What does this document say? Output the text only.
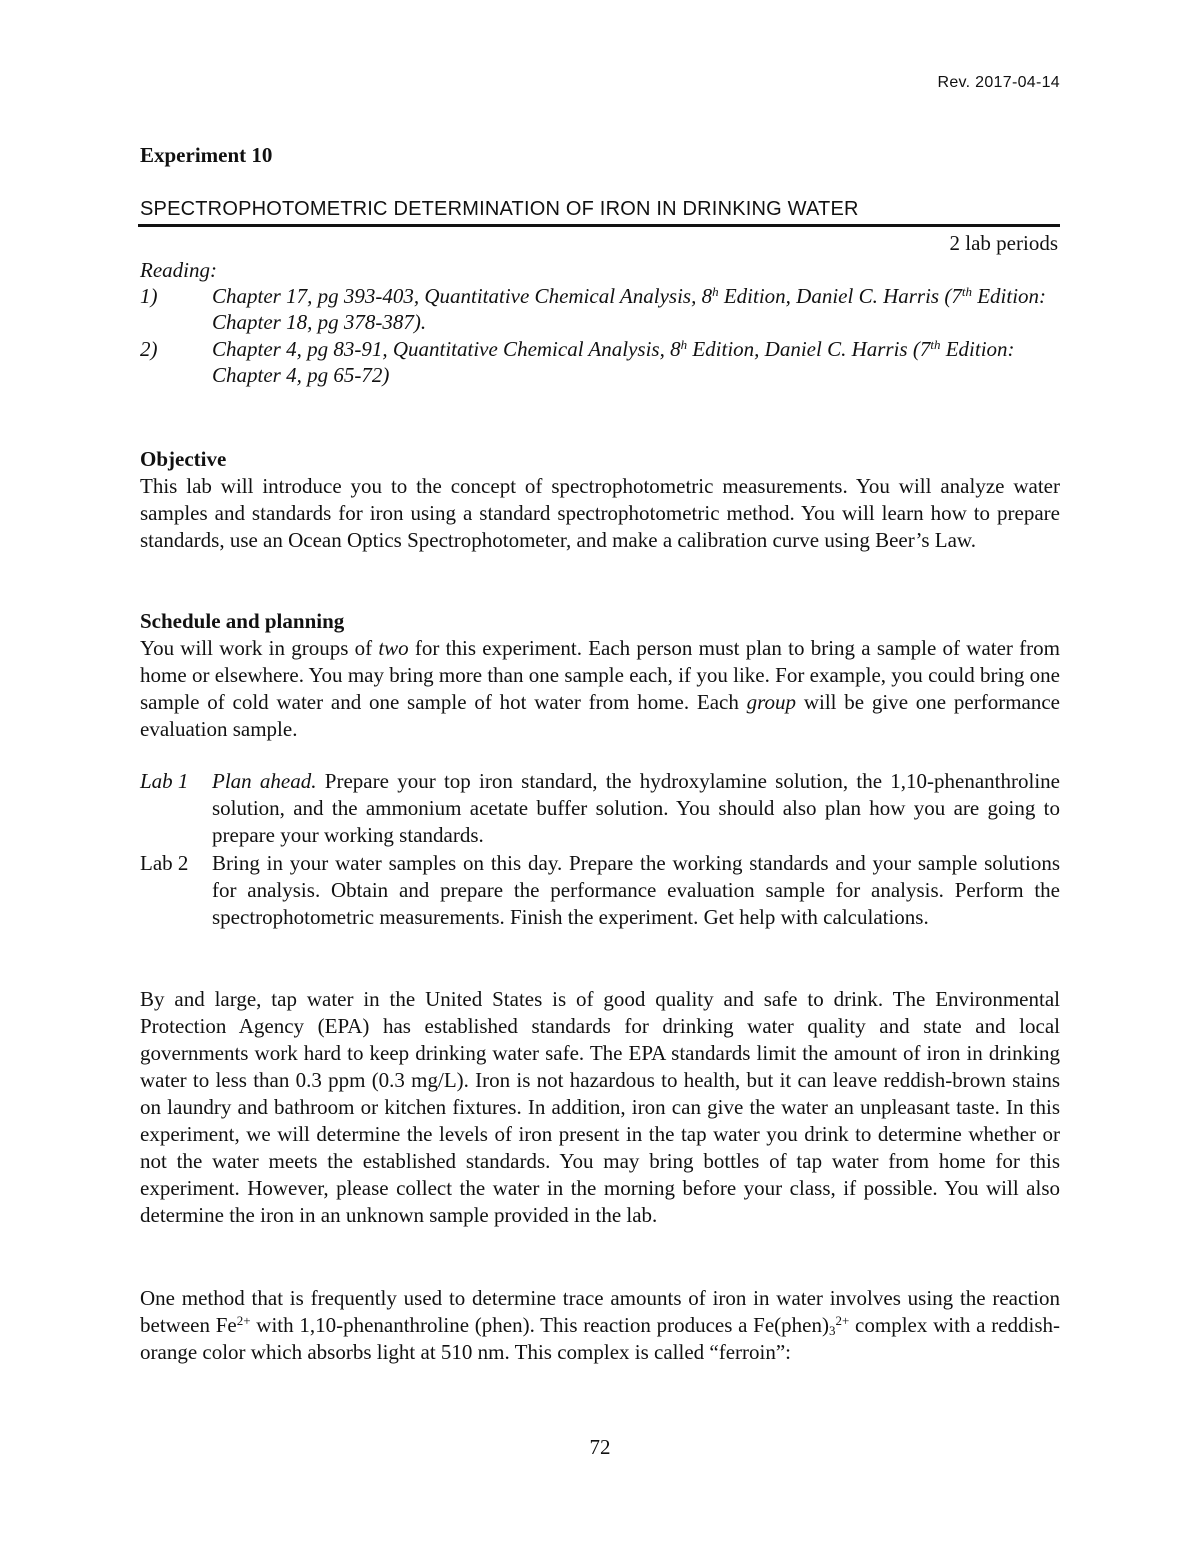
Rev. 2017-04-14
Experiment 10
SPECTROPHOTOMETRIC DETERMINATION OF IRON IN DRINKING WATER
2 lab periods
Reading:
1)	Chapter 17, pg 393-403, Quantitative Chemical Analysis, 8$^h$ Edition, Daniel C. Harris (7th Edition: Chapter 18, pg 378-387).
2)	Chapter 4, pg 83-91, Quantitative Chemical Analysis, 8$^h$ Edition, Daniel C. Harris (7th Edition: Chapter 4, pg 65-72)
Objective

This lab will introduce you to the concept of spectrophotometric measurements. You will analyze water samples and standards for iron using a standard spectrophotometric method. You will learn how to prepare standards, use an Ocean Optics Spectrophotometer, and make a calibration curve using Beer’s Law.

Schedule and planning

You will work in groups of two for this experiment. Each person must plan to bring a sample of water from home or elsewhere. You may bring more than one sample each, if you like. For example, you could bring one sample of cold water and one sample of hot water from home. Each group will be give one performance evaluation sample.

Lab 1 Plan ahead. Prepare your top iron standard, the hydroxylamine solution, the 1,10-phenanthroline solution, and the ammonium acetate buffer solution. You should also plan how you are going to prepare your working standards.
Lab 2 Bring in your water samples on this day. Prepare the working standards and your sample solutions for analysis. Obtain and prepare the performance evaluation sample for analysis. Perform the spectrophotometric measurements. Finish the experiment. Get help with calculations.

By and large, tap water in the United States is of good quality and safe to drink. The Environmental Protection Agency (EPA) has established standards for drinking water quality and state and local governments work hard to keep drinking water safe. The EPA standards limit the amount of iron in drinking water to less than 0.3 ppm (0.3 mg/L). Iron is not hazardous to health, but it can leave reddish-brown stains on laundry and bathroom or kitchen fixtures. In addition, iron can give the water an unpleasant taste. In this experiment, we will determine the levels of iron present in the tap water you drink to determine whether or not the water meets the established standards. You may bring bottles of tap water from home for this experiment. However, please collect the water in the morning before your class, if possible. You will also determine the iron in an unknown sample provided in the lab.

One method that is frequently used to determine trace amounts of iron in water involves using the reaction between $Fe^{2+}$ with 1,10-phenanthroline (phen). This reaction produces a $Fe(phen)_3^{2+}$ complex with a reddish-orange color which absorbs light at 510 nm. This complex is called “ferroin”:

72
